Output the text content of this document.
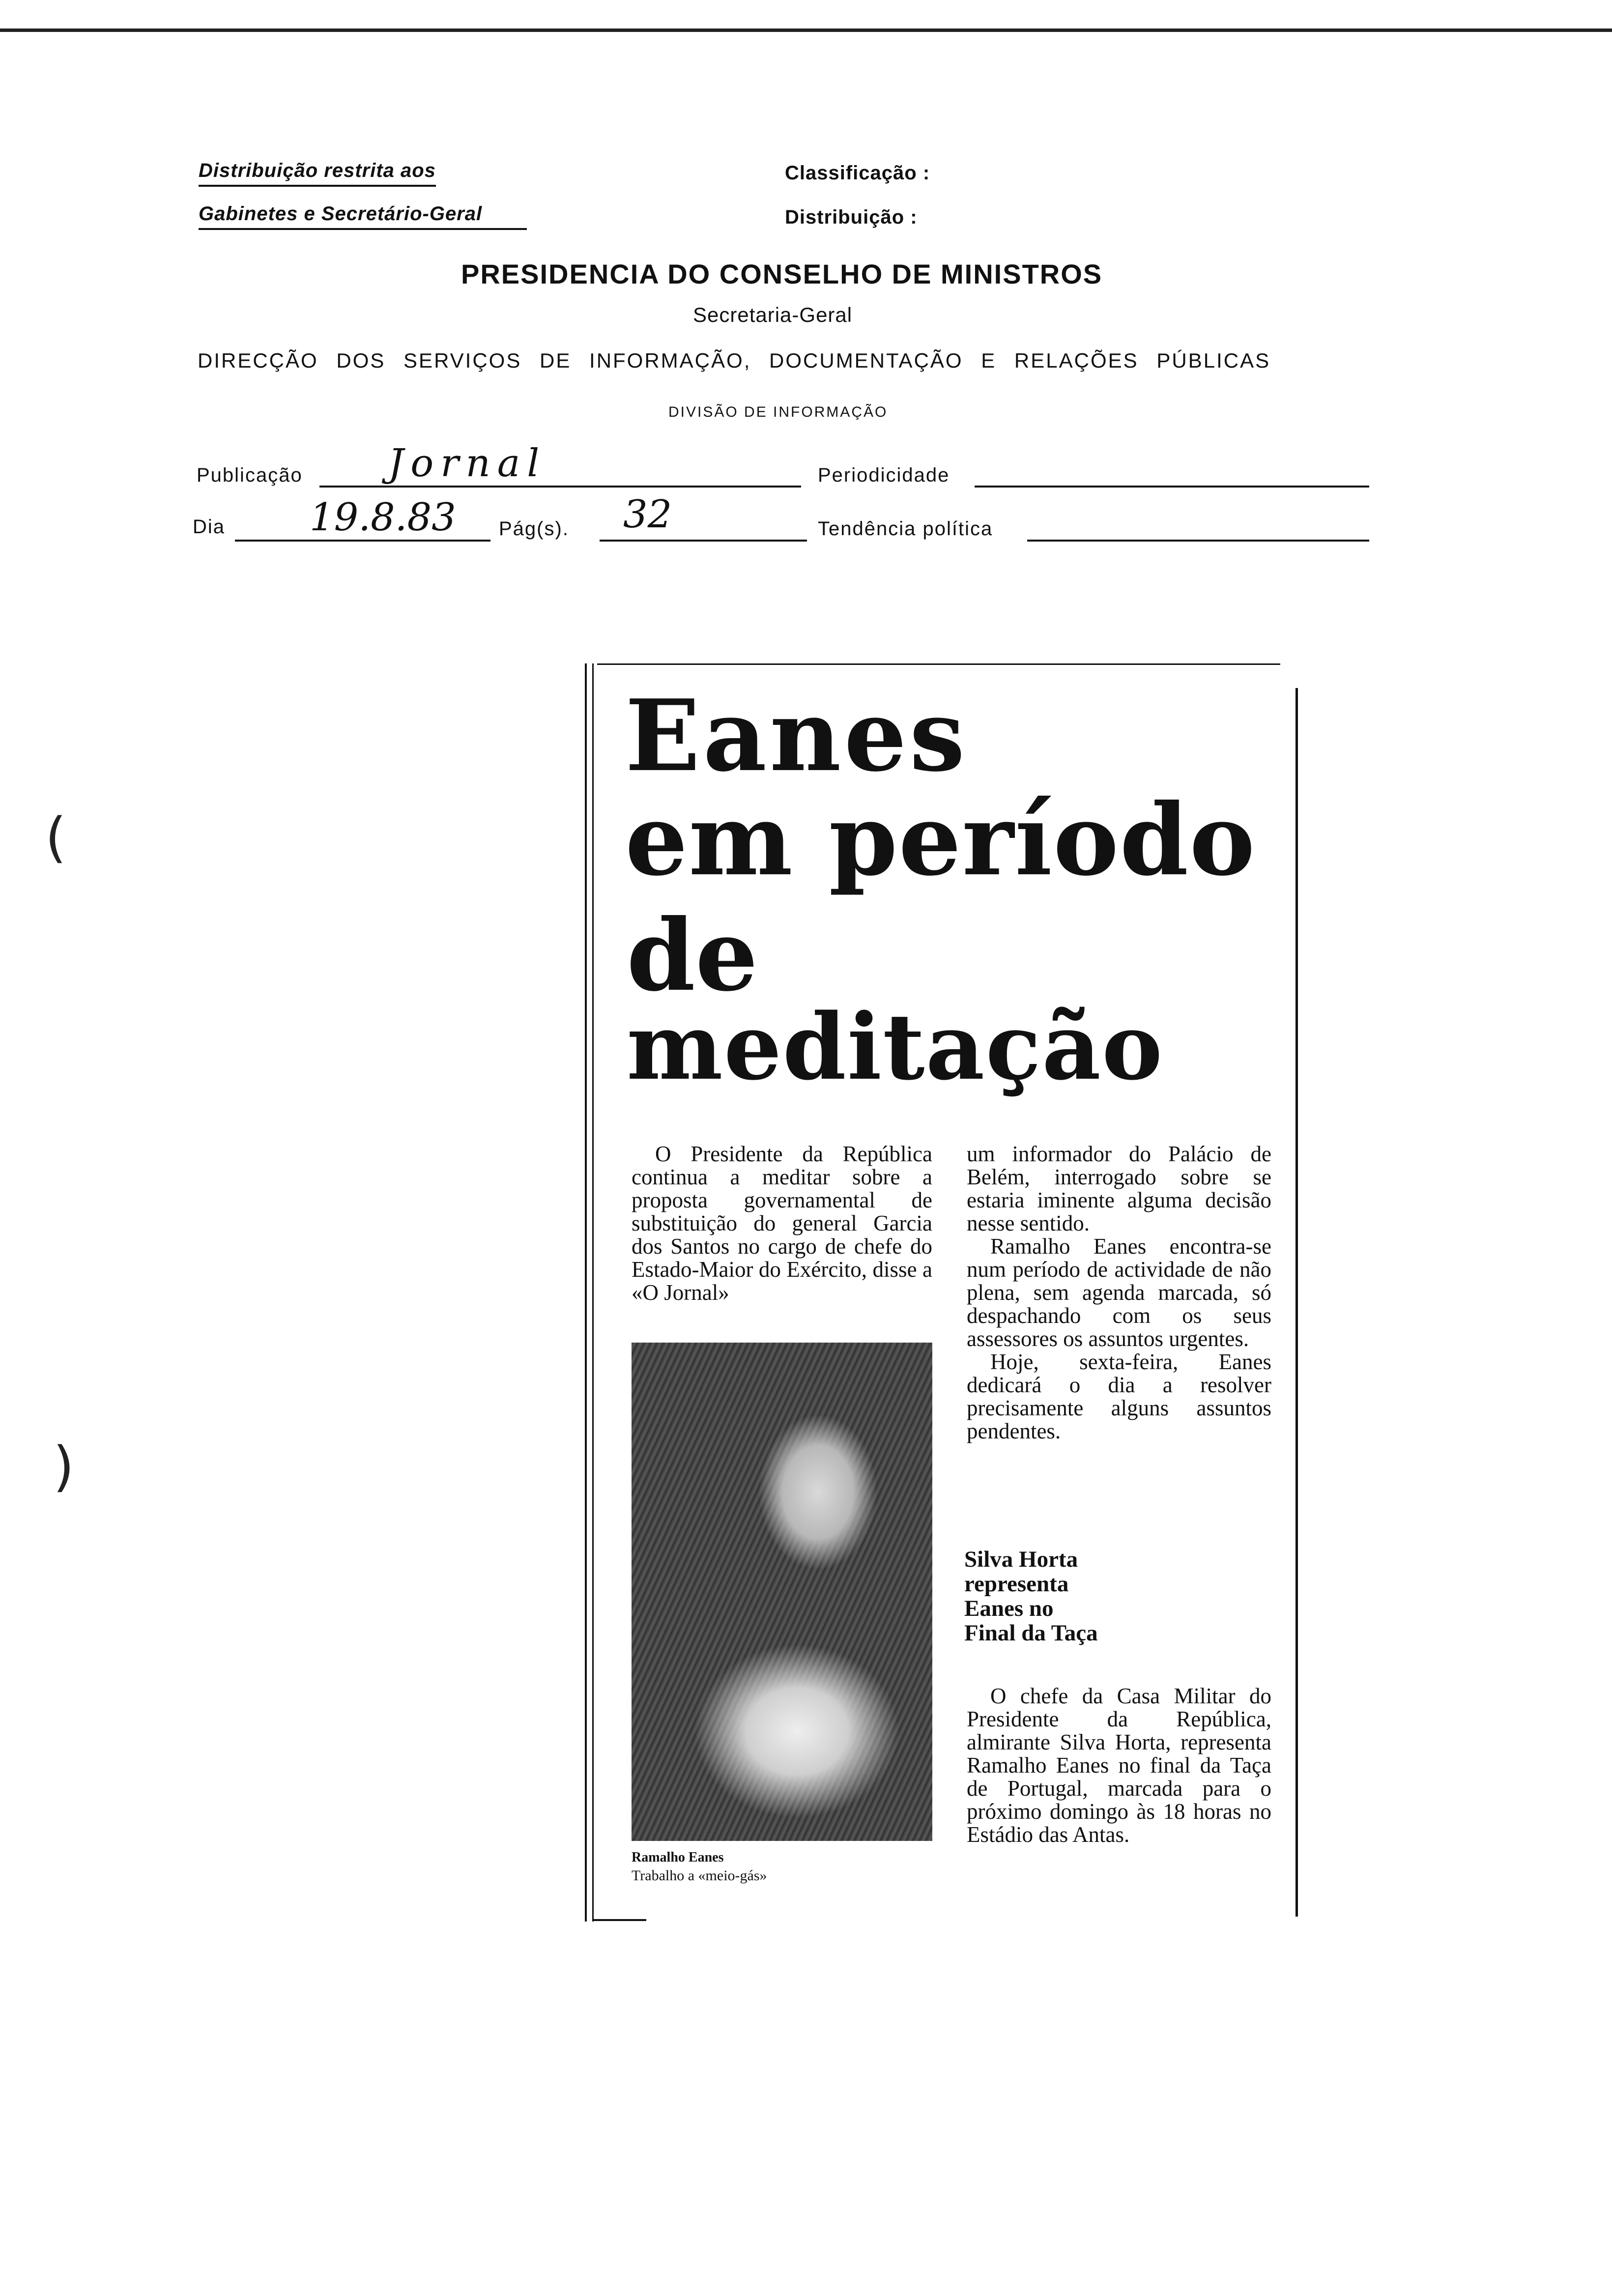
Distribuição restrita aos
Gabinetes e Secretário-Geral
Classificação :
Distribuição :
PRESIDENCIA DO CONSELHO DE MINISTROS
Secretaria-Geral
DIRECÇÃO DOS SERVIÇOS DE INFORMAÇÃO, DOCUMENTAÇÃO E RELAÇÕES PÚBLICAS
DIVISÃO DE INFORMAÇÃO
Publicação Jornal	Periodicidade
Dia 19.8.83 Pág(s). 32	Tendência política
(
)
Eanes
em período
de
meditação

O Presidente da República continua a meditar sobre a proposta governamental de substituição do general Garcia dos Santos no cargo de chefe do Estado-Maior do Exército, disse a «O Jornal»

Ramalho Eanes
Trabalho a «meio-gás»

um informador do Palácio de Belém, interrogado sobre se estaria iminente alguma decisão nesse sentido.

Ramalho Eanes encontra-se num período de actividade de não plena, sem agenda marcada, só despachando com os seus assessores os assuntos urgentes.

Hoje, sexta-feira, Eanes dedicará o dia a resolver precisamente alguns assuntos pendentes.

Silva Horta
representa
Eanes no
Final da Taça

O chefe da Casa Militar do Presidente da República, almirante Silva Horta, representa Ramalho Eanes no final da Taça de Portugal, marcada para o próximo domingo às 18 horas no Estádio das Antas.
